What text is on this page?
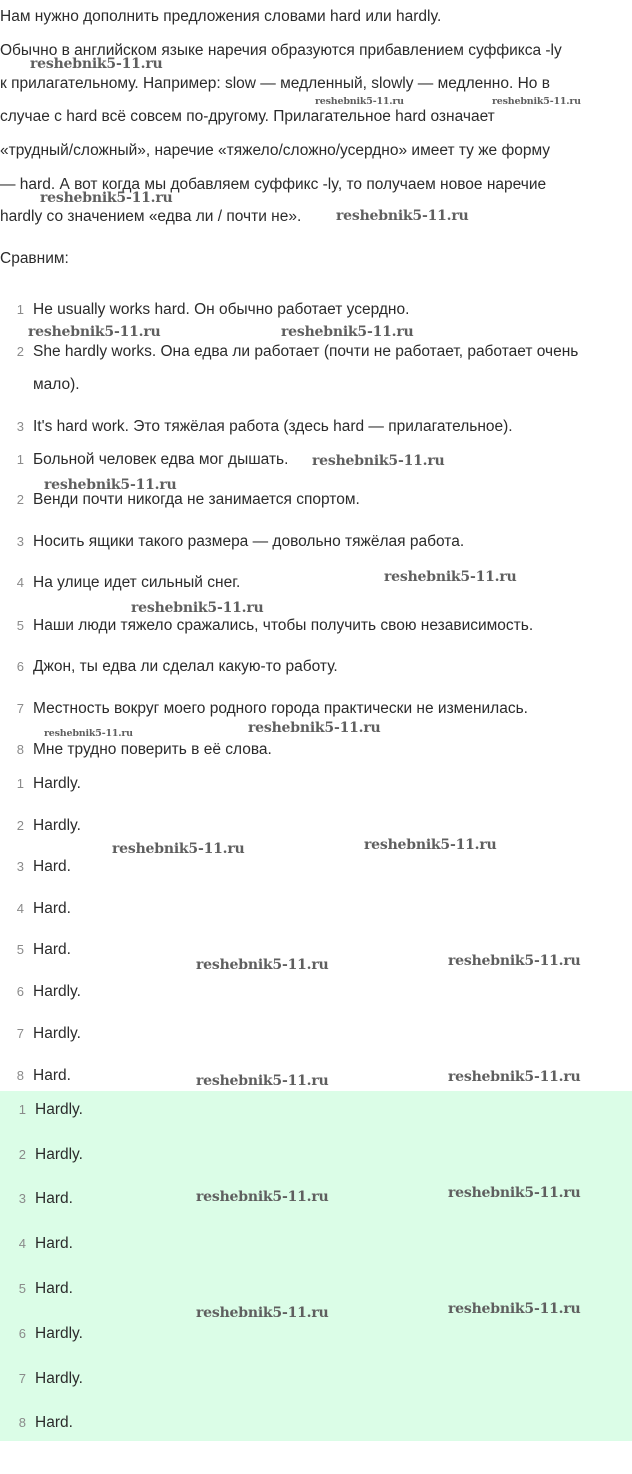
Нам нужно дополнить предложения словами hard или hardly.

Обычно в английском языке наречия образуются прибавлением суффикса -ly

к прилагательному. Например: slow — медленный, slowly — медленно. Но в

случае с hard всё совсем по-другому. Прилагательное hard означает

«трудный/сложный», наречие «тяжело/сложно/усердно» имеет ту же форму

— hard. А вот когда мы добавляем суффикс -ly, то получаем новое наречие

hardly со значением «едва ли / почти не».

Сравним:

1 He usually works hard. Он обычно работает усердно.
2 She hardly works. Она едва ли работает (почти не работает, работает очень
мало).
3 It's hard work. Это тяжёлая работа (здесь hard — прилагательное).
1 Больной человек едва мог дышать.
2 Венди почти никогда не занимается спортом.
3 Носить ящики такого размера — довольно тяжёлая работа.
4 На улице идет сильный снег.
5 Наши люди тяжело сражались, чтобы получить свою независимость.
6 Джон, ты едва ли сделал какую-то работу.
7 Местность вокруг моего родного города практически не изменилась.
8 Мне трудно поверить в её слова.
1 Hardly.
2 Hardly.
3 Hard.
4 Hard.
5 Hard.
6 Hardly.
7 Hardly.
8 Hard.
1 Hardly.
2 Hardly.
3 Hard.
4 Hard.
5 Hard.
6 Hardly.
7 Hardly.
8 Hard.
reshebnik5-11.ru
reshebnik5-11.ru	reshebnik5-11.ru
reshebnik5-11.ru
reshebnik5-11.ru
reshebnik5-11.ru	reshebnik5-11.ru
reshebnik5-11.ru
reshebnik5-11.ru
reshebnik5-11.ru
reshebnik5-11.ru
reshebnik5-11.ru	reshebnik5-11.ru
reshebnik5-11.ru	reshebnik5-11.ru
reshebnik5-11.ru	reshebnik5-11.ru
reshebnik5-11.ru	reshebnik5-11.ru
reshebnik5-11.ru	reshebnik5-11.ru
reshebnik5-11.ru	reshebnik5-11.ru
